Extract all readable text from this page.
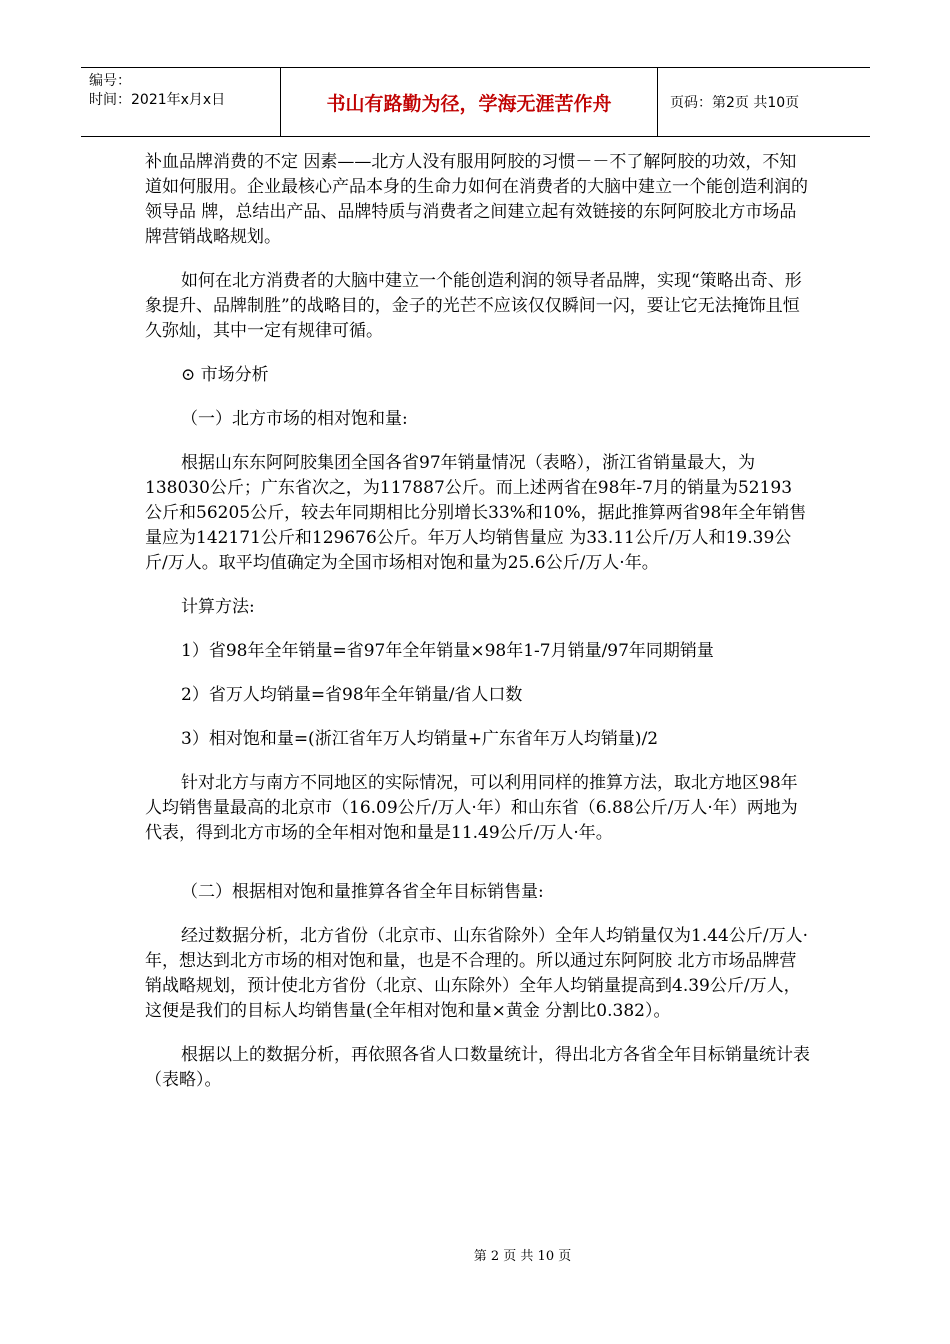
编号：
时间：2021年x月x日	书山有路勤为径，学海无涯苦作舟	页码：第2页 共10页

补血品牌消费的不定 因素——北方人没有服用阿胶的习惯－－不了解阿胶的功效，不知道如何服用。企业最核心产品本身的生命力如何在消费者的大脑中建立一个能创造利润的领导品 牌，总结出产品、品牌特质与消费者之间建立起有效链接的东阿阿胶北方市场品牌营销战略规划。

如何在北方消费者的大脑中建立一个能创造利润的领导者品牌，实现“策略出奇、形象提升、品牌制胜”的战略目的，金子的光芒不应该仅仅瞬间一闪，要让它无法掩饰且恒久弥灿，其中一定有规律可循。

⊙ 市场分析

（一）北方市场的相对饱和量:

根据山东东阿阿胶集团全国各省97年销量情况（表略），浙江省销量最大，为138030公斤；广东省次之，为117887公斤。而上述两省在98年-7月的销量为52193 公斤和56205公斤，较去年同期相比分别增长33%和10%，据此推算两省98年全年销售量应为142171公斤和129676公斤。年万人均销售量应 为33.11公斤/万人和19.39公斤/万人。取平均值确定为全国市场相对饱和量为25.6公斤/万人·年。

计算方法:

1）省98年全年销量=省97年全年销量×98年1-7月销量/97年同期销量

2）省万人均销量=省98年全年销量/省人口数

3）相对饱和量=(浙江省年万人均销量+广东省年万人均销量)/2

针对北方与南方不同地区的实际情况，可以利用同样的推算方法，取北方地区98年人均销售量最高的北京市（16.09公斤/万人·年）和山东省（6.88公斤/万人·年）两地为代表，得到北方市场的全年相对饱和量是11.49公斤/万人·年。

（二）根据相对饱和量推算各省全年目标销售量:

经过数据分析，北方省份（北京市、山东省除外）全年人均销量仅为1.44公斤/万人·年，想达到北方市场的相对饱和量，也是不合理的。所以通过东阿阿胶 北方市场品牌营销战略规划，预计使北方省份（北京、山东除外）全年人均销量提高到4.39公斤/万人，这便是我们的目标人均销售量(全年相对饱和量×黄金 分割比0.382）。

根据以上的数据分析，再依照各省人口数量统计，得出北方各省全年目标销量统计表（表略）。

第 2 页 共 10 页
